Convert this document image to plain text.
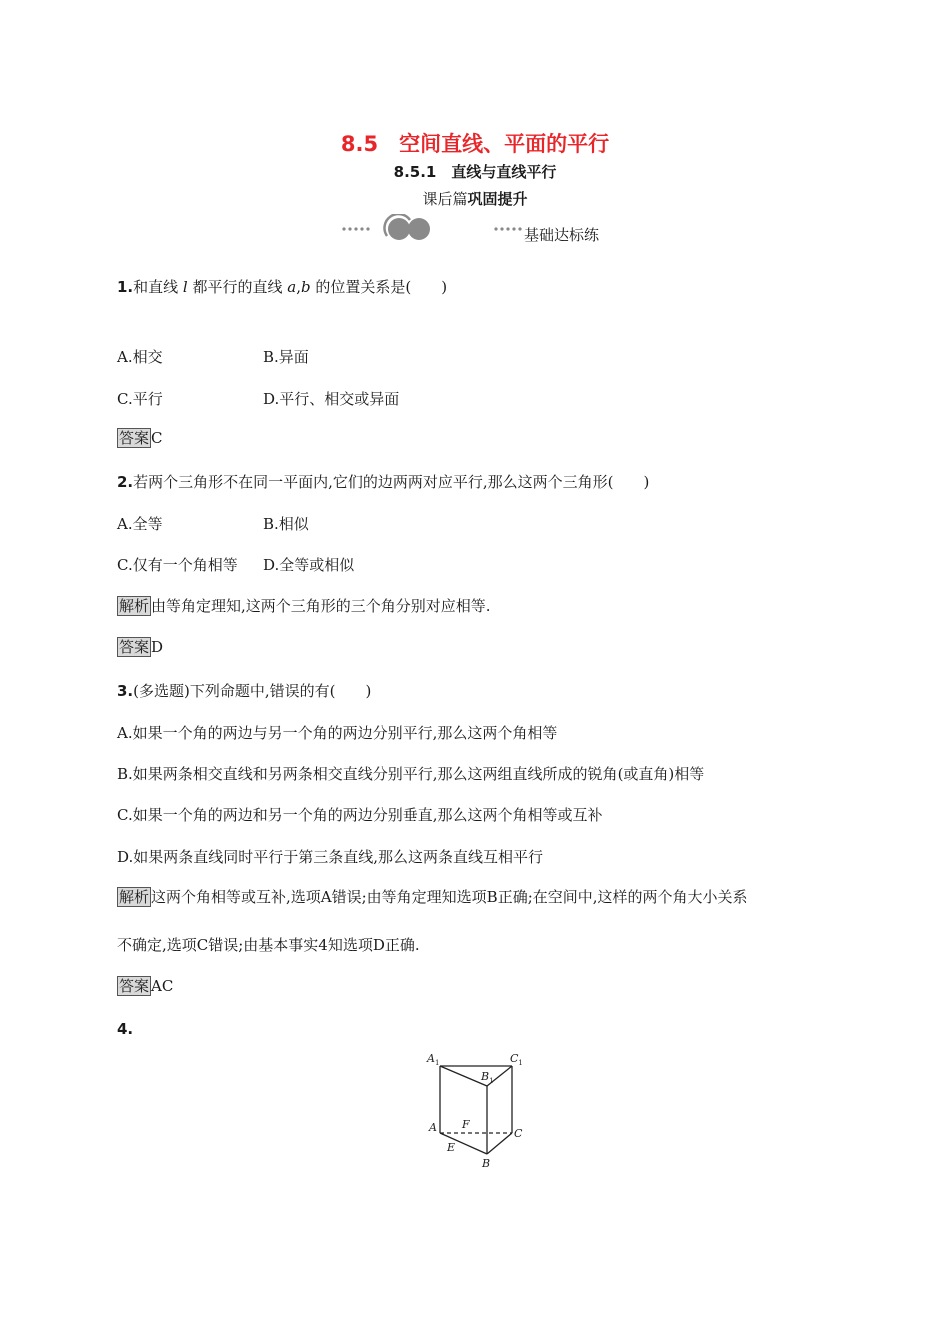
8.5　空间直线、平面的平行
8.5.1　直线与直线平行
课后篇巩固提升
基础达标练
1.和直线 l 都平行的直线 a,b 的位置关系是(　　)
A.相交	B.异面
C.平行	D.平行、相交或异面
答案 C
2.若两个三角形不在同一平面内,它们的边两两对应平行,那么这两个三角形(　　)
A.全等	B.相似
C.仅有一个角相等 D.全等或相似
解析 由等角定理知,这两个三角形的三个角分别对应相等.
答案 D
3.(多选题)下列命题中,错误的有(　　)
A.如果一个角的两边与另一个角的两边分别平行,那么这两个角相等
B.如果两条相交直线和另两条相交直线分别平行,那么这两组直线所成的锐角(或直角)相等
C.如果一个角的两边和另一个角的两边分别垂直,那么这两个角相等或互补
D.如果两条直线同时平行于第三条直线,那么这两条直线互相平行
解析 这两个角相等或互补,选项A错误;由等角定理知选项B正确;在空间中,这样的两个角大小关系
不确定,选项C错误;由基本事实4知选项D正确.
答案 AC
4.
$A_1$	$C_1$
$B_1$
F
A	C
E
B
